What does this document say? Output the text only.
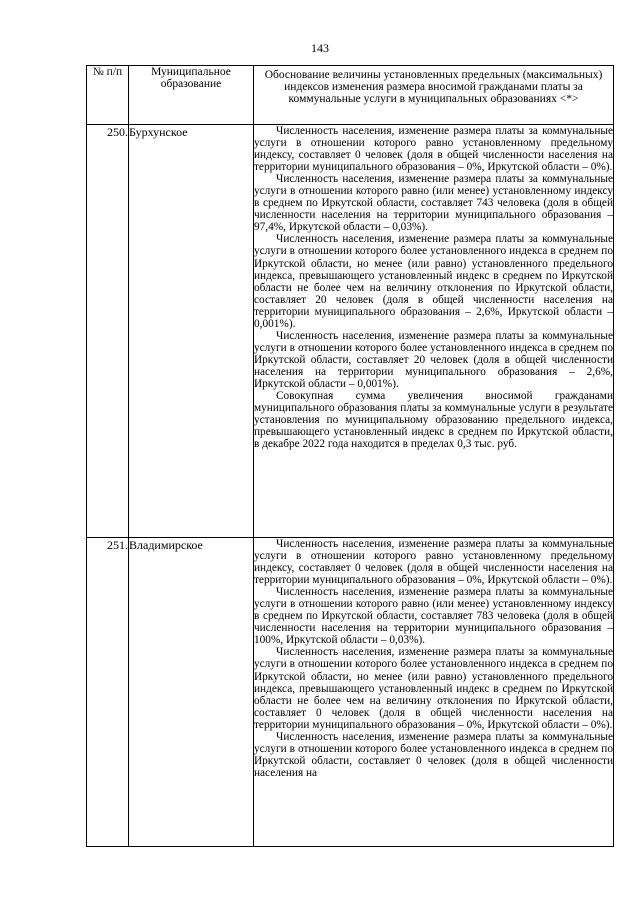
143
№ п/п	Муниципальное образование	Обоснование величины установленных предельных (максимальных) индексов изменения размера вносимой гражданами платы за коммунальные услуги в муниципальных образованиях <*>
250.	Бурхунское	Численность населения, изменение размера платы за коммунальные услуги в отношении которого равно установленному предельному индексу, составляет 0 человек (доля в общей численности населения на территории муниципального образования – 0%, Иркутской области – 0%).

Численность населения, изменение размера платы за коммунальные услуги в отношении которого равно (или менее) установленному индексу в среднем по Иркутской области, составляет 743 человека (доля в общей численности населения на территории муниципального образования – 97,4%, Иркутской области – 0,03%).

Численность населения, изменение размера платы за коммунальные услуги в отношении которого более установленного индекса в среднем по Иркутской области, но менее (или равно) установленного предельного индекса, превышающего установленный индекс в среднем по Иркутской области не более чем на величину отклонения по Иркутской области, составляет 20 человек (доля в общей численности населения на территории муниципального образования – 2,6%, Иркутской области – 0,001%).

Численность населения, изменение размера платы за коммунальные услуги в отношении которого более установленного индекса в среднем по Иркутской области, составляет 20 человек (доля в общей численности населения на территории муниципального образования – 2,6%, Иркутской области – 0,001%).

Совокупная сумма увеличения вносимой гражданами муниципального образования платы за коммунальные услуги в результате установления по муниципальному образованию предельного индекса, превышающего установленный индекс в среднем по Иркутской области, в декабре 2022 года находится в пределах 0,3 тыс. руб.

251.	Владимирское	Численность населения, изменение размера платы за коммунальные услуги в отношении которого равно установленному предельному индексу, составляет 0 человек (доля в общей численности населения на территории муниципального образования – 0%, Иркутской области – 0%).

Численность населения, изменение размера платы за коммунальные услуги в отношении которого равно (или менее) установленному индексу в среднем по Иркутской области, составляет 783 человека (доля в общей численности населения на территории муниципального образования – 100%, Иркутской области – 0,03%).

Численность населения, изменение размера платы за коммунальные услуги в отношении которого более установленного индекса в среднем по Иркутской области, но менее (или равно) установленного предельного индекса, превышающего установленный индекс в среднем по Иркутской области не более чем на величину отклонения по Иркутской области, составляет 0 человек (доля в общей численности населения на территории муниципального образования – 0%, Иркутской области – 0%).

Численность населения, изменение размера платы за коммунальные услуги в отношении которого более установленного индекса в среднем по Иркутской области, составляет 0 человек (доля в общей численности населения на
